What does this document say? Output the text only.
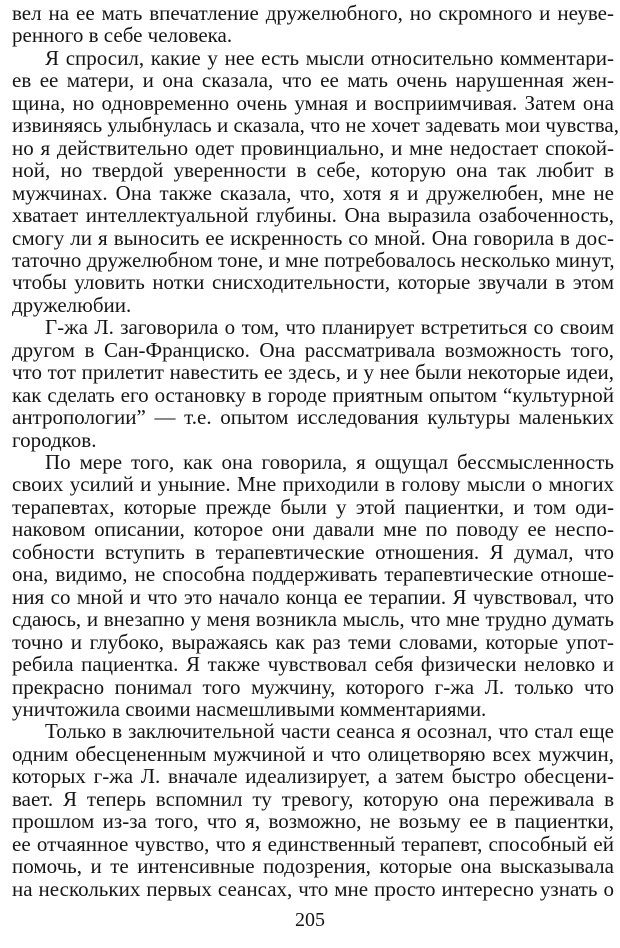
вел на ее мать впечатление дружелюбного, но скромного и неуве-
ренного в себе человека.
Я спросил, какие у нее есть мысли относительно комментари-
ев ее матери, и она сказала, что ее мать очень нарушенная жен-
щина, но одновременно очень умная и восприимчивая. Затем она
извиняясь улыбнулась и сказала, что не хочет задевать мои чувства,
но я действительно одет провинциально, и мне недостает спокой-
ной, но твердой уверенности в себе, которую она так любит в
мужчинах. Она также сказала, что, хотя я и дружелюбен, мне не
хватает интеллектуальной глубины. Она выразила озабоченность,
смогу ли я выносить ее искренность со мной. Она говорила в дос-
таточно дружелюбном тоне, и мне потребовалось несколько минут,
чтобы уловить нотки снисходительности, которые звучали в этом
дружелюбии.
Г-жа Л. заговорила о том, что планирует встретиться со своим
другом в Сан-Франциско. Она рассматривала возможность того,
что тот прилетит навестить ее здесь, и у нее были некоторые идеи,
как сделать его остановку в городе приятным опытом “культурной
антропологии” — т.е. опытом исследования культуры маленьких
городков.
По мере того, как она говорила, я ощущал бессмысленность
своих усилий и уныние. Мне приходили в голову мысли о многих
терапевтах, которые прежде были у этой пациентки, и том оди-
наковом описании, которое они давали мне по поводу ее неспо-
собности вступить в терапевтические отношения. Я думал, что
она, видимо, не способна поддерживать терапевтические отноше-
ния со мной и что это начало конца ее терапии. Я чувствовал, что
сдаюсь, и внезапно у меня возникла мысль, что мне трудно думать
точно и глубоко, выражаясь как раз теми словами, которые упот-
ребила пациентка. Я также чувствовал себя физически неловко и
прекрасно понимал того мужчину, которого г-жа Л. только что
уничтожила своими насмешливыми комментариями.
Только в заключительной части сеанса я осознал, что стал еще
одним обесцененным мужчиной и что олицетворяю всех мужчин,
которых г-жа Л. вначале идеализирует, а затем быстро обесцени-
вает. Я теперь вспомнил ту тревогу, которую она переживала в
прошлом из-за того, что я, возможно, не возьму ее в пациентки,
ее отчаянное чувство, что я единственный терапевт, способный ей
помочь, и те интенсивные подозрения, которые она высказывала
на нескольких первых сеансах, что мне просто интересно узнать о
205
